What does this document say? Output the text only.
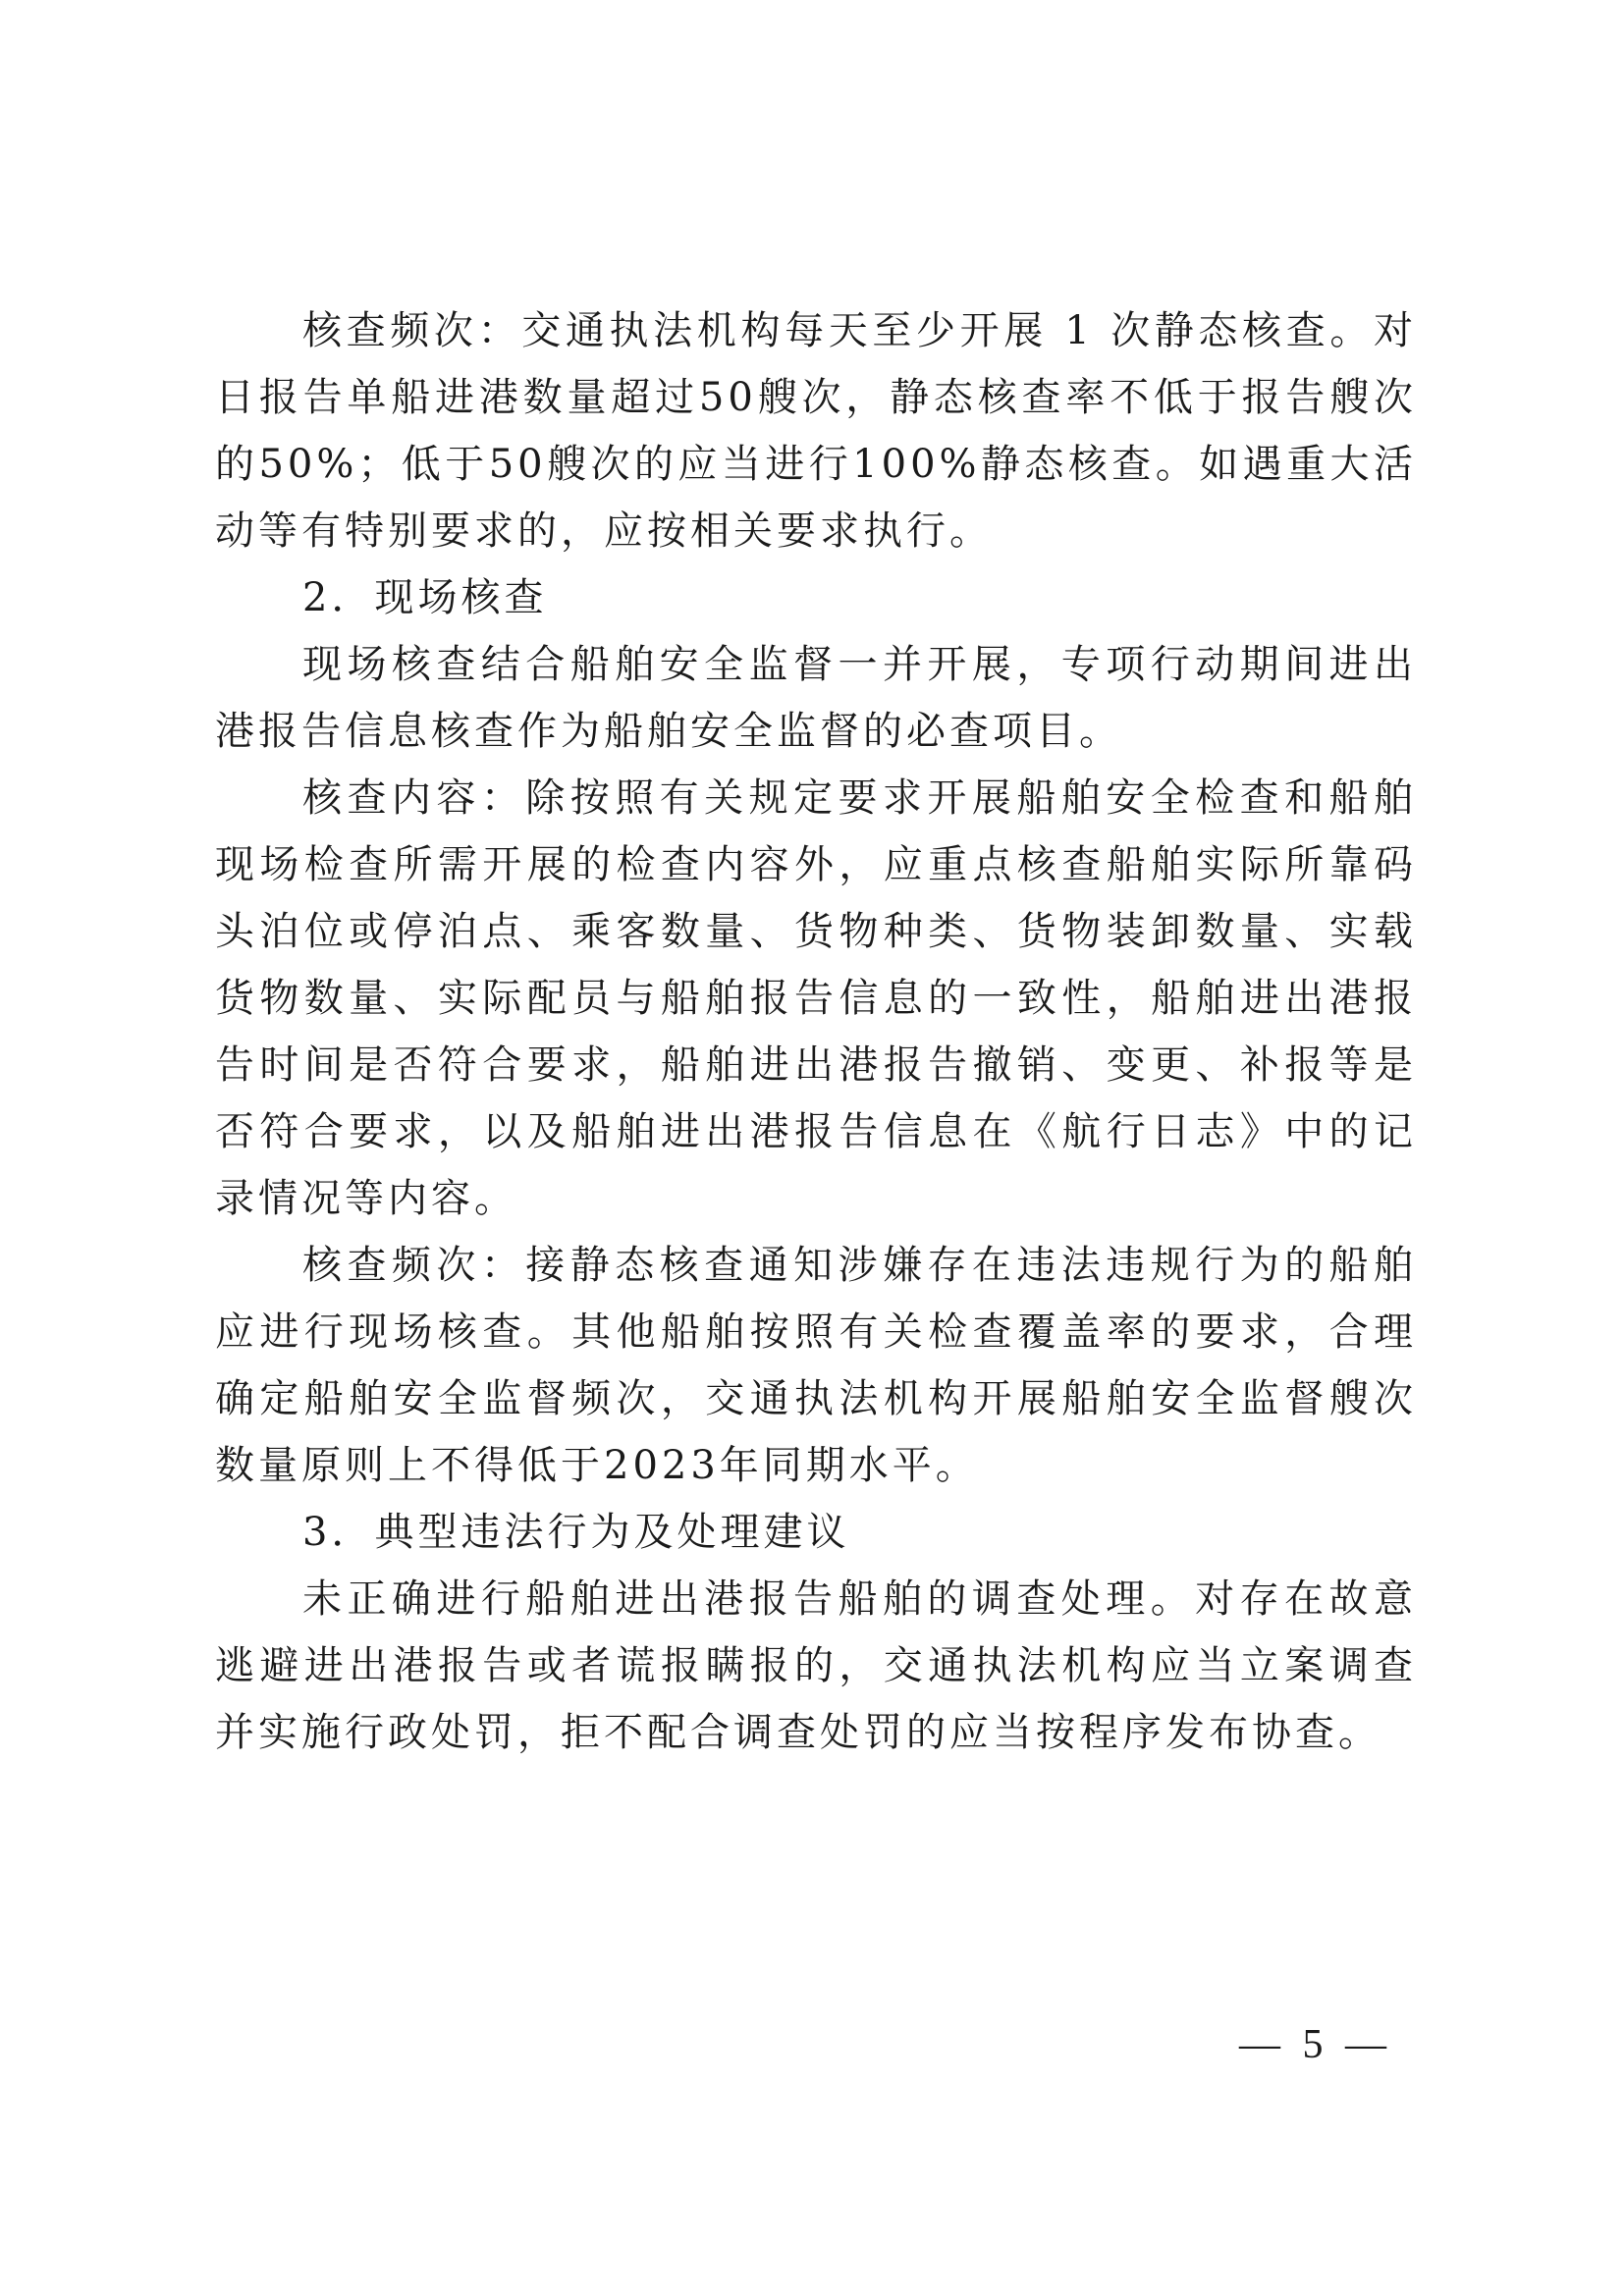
核查频次：交通执法机构每天至少开展 1 次静态核查。对日报告单船进港数量超过50艘次，静态核查率不低于报告艘次的50%；低于50艘次的应当进行100%静态核查。如遇重大活动等有特别要求的，应按相关要求执行。

2．现场核查

现场核查结合船舶安全监督一并开展，专项行动期间进出港报告信息核查作为船舶安全监督的必查项目。

核查内容：除按照有关规定要求开展船舶安全检查和船舶现场检查所需开展的检查内容外，应重点核查船舶实际所靠码头泊位或停泊点、乘客数量、货物种类、货物装卸数量、实载货物数量、实际配员与船舶报告信息的一致性，船舶进出港报告时间是否符合要求，船舶进出港报告撤销、变更、补报等是否符合要求，以及船舶进出港报告信息在《航行日志》中的记录情况等内容。

核查频次：接静态核查通知涉嫌存在违法违规行为的船舶应进行现场核查。其他船舶按照有关检查覆盖率的要求，合理确定船舶安全监督频次，交通执法机构开展船舶安全监督艘次数量原则上不得低于2023年同期水平。

3．典型违法行为及处理建议

未正确进行船舶进出港报告船舶的调查处理。对存在故意逃避进出港报告或者谎报瞒报的，交通执法机构应当立案调查并实施行政处罚，拒不配合调查处罚的应当按程序发布协查。

— 5 —
